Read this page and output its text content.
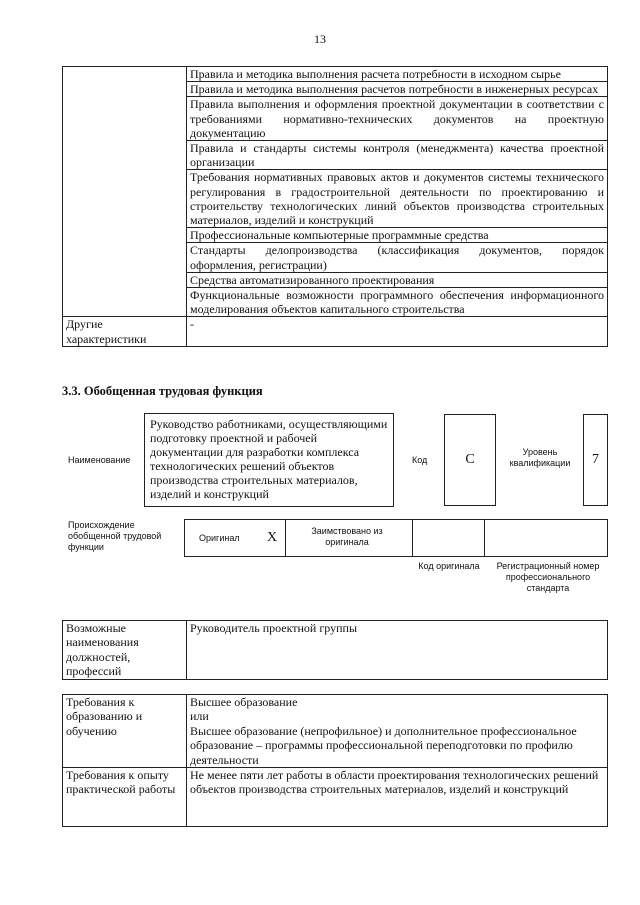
13
	Правила и методика выполнения расчета потребности в исходном сырье
	Правила и методика выполнения расчетов потребности в инженерных ресурсах
	Правила выполнения и оформления проектной документации в соответствии с требованиями нормативно-технических документов на проектную документацию
	Правила и стандарты системы контроля (менеджмента) качества проектной организации
	Требования нормативных правовых актов и документов системы технического регулирования в градостроительной деятельности по проектированию и строительству технологических линий объектов производства строительных материалов, изделий и конструкций
	Профессиональные компьютерные программные средства
	Стандарты делопроизводства (классификация документов, порядок оформления, регистрации)
	Средства автоматизированного проектирования
	Функциональные возможности программного обеспечения информационного моделирования объектов капитального строительства
Другие характеристики	-
3.3. Обобщенная трудовая функция
Наименование
Руководство работниками, осуществляющими подготовку проектной и рабочей документации для разработки комплекса технологических решений объектов производства строительных материалов, изделий и конструкций
Код	C	Уровень квалификации	7
Происхождение обобщенной трудовой функции
Оригинал X	Заимствовано из оригинала
Код оригинала	Регистрационный номер профессионального стандарта
Возможные наименования должностей, профессий	Руководитель проектной группы
Требования к образованию и обучению	Высшее образование
или
Высшее образование (непрофильное) и дополнительное профессиональное образование – программы профессиональной переподготовки по профилю деятельности

Требования к опыту практической работы	Не менее пяти лет работы в области проектирования технологических решений объектов производства строительных материалов, изделий и конструкций
